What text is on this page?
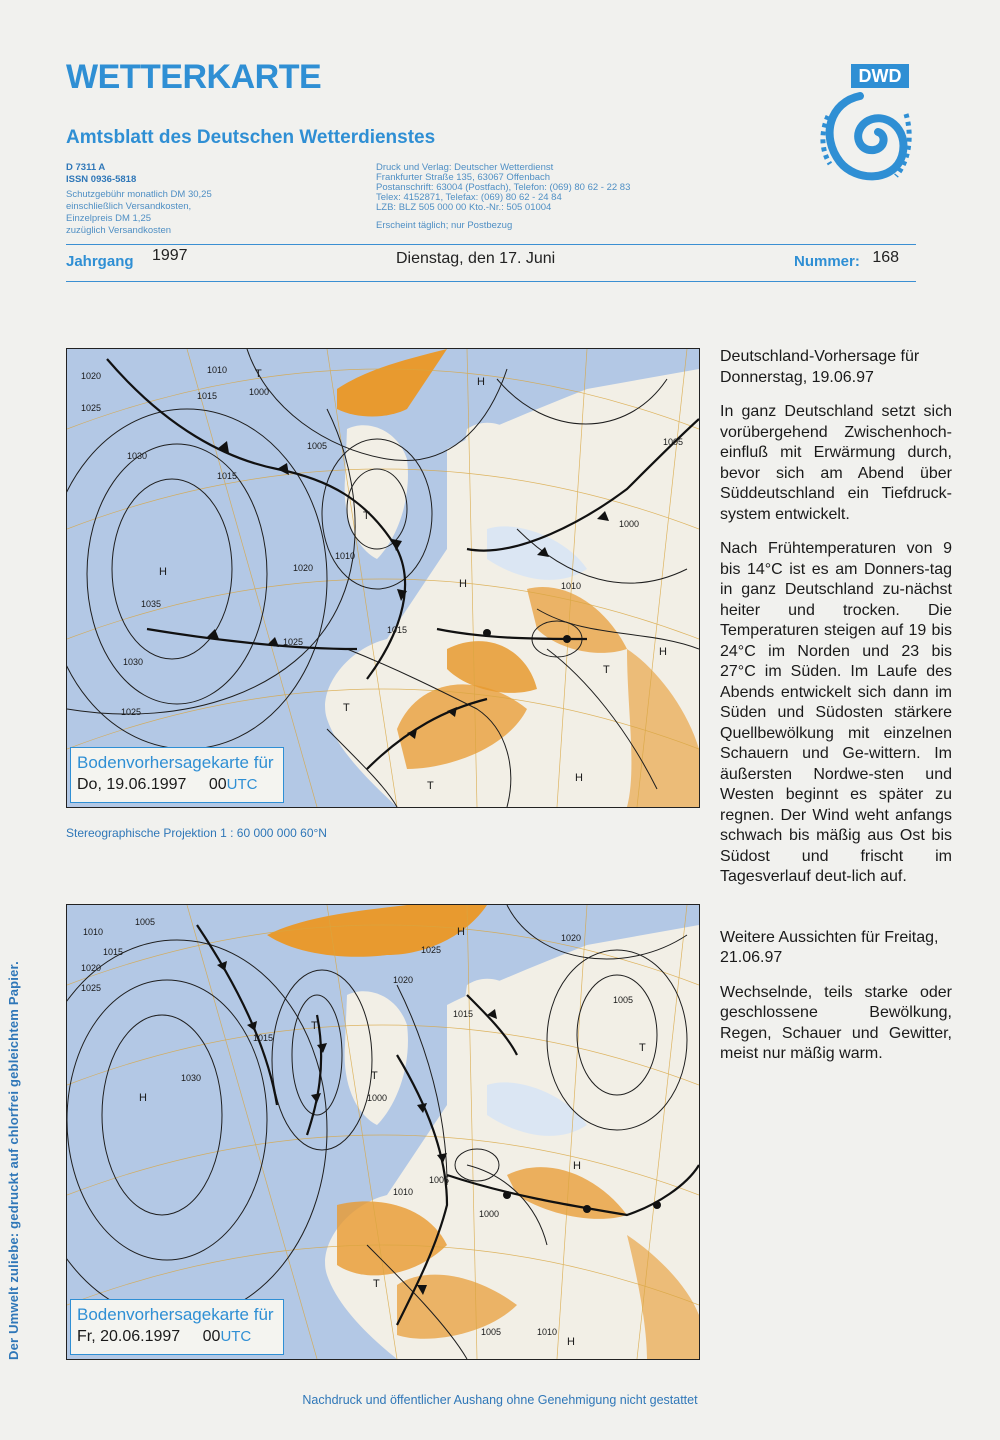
WETTERKARTE
Amtsblatt des Deutschen Wetterdienstes
DWD
D 7311 A
ISSN 0936-5818
Schutzgebühr monatlich DM 30,25
einschließlich Versandkosten,
Einzelpreis DM 1,25
zuzüglich Versandkosten
Druck und Verlag: Deutscher Wetterdienst
Frankfurter Straße 135, 63067 Offenbach
Postanschrift: 63004 (Postfach), Telefon: (069) 80 62 - 22 83
Telex: 4152871, Telefax: (069) 80 62 - 24 84
LZB: BLZ 505 000 00 Kto.-Nr.: 505 01004
Erscheint täglich; nur Postbezug
Jahrgang 1997	Dienstag, den 17. Juni	Nummer: 168
1020
1025
1010
1015	1000
1030
1035
1005
1020
1025
1015
1010
1030
1025
1015
1010
1005
1000
H
H
H
H
H
T
T
T
T
T
Bodenvorhersagekarte für
Do, 19.06.1997 00UTC
Stereographische Projektion 1 : 60 000 000 60°N
1010
1005
1015
1020
1025
1030
1025
1020
1015
1000
1010
1005
1000
1015
1005
1010
1005
1020
H
H
H
H
T
T
T
T
Bodenvorhersagekarte für
Fr, 20.06.1997 00UTC

Deutschland-Vorhersage für Donnerstag, 19.06.97

In ganz Deutschland setzt sich vorübergehend Zwischenhoch-einfluß mit Erwärmung durch, bevor sich am Abend über Süddeutschland ein Tiefdruck-system entwickelt.

Nach Frühtemperaturen von 9 bis 14°C ist es am Donners-tag in ganz Deutschland zu-nächst heiter und trocken. Die Temperaturen steigen auf 19 bis 24°C im Norden und 23 bis 27°C im Süden. Im Laufe des Abends entwickelt sich dann im Süden und Südosten stärkere Quellbewölkung mit einzelnen Schauern und Ge-wittern. Im äußersten Nordwe-sten und Westen beginnt es später zu regnen. Der Wind weht anfangs schwach bis mäßig aus Ost bis Südost und frischt im Tagesverlauf deut-lich auf.

Weitere Aussichten für Freitag, 21.06.97

Wechselnde, teils starke oder geschlossene Bewölkung, Regen, Schauer und Gewitter, meist nur mäßig warm.

Der Umwelt zuliebe: gedruckt auf chlorfrei gebleichtem Papier.
Nachdruck und öffentlicher Aushang ohne Genehmigung nicht gestattet
